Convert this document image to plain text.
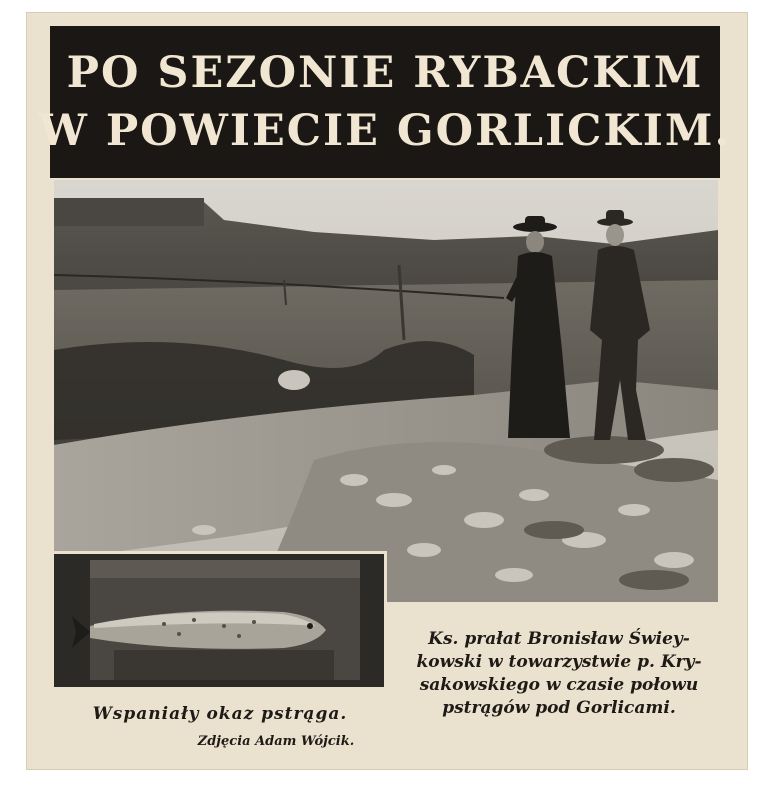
PO SEZONIE RYBACKIM
W POWIECIE GORLICKIM.
Ks. prałat Bronisław Świey-
kowski w towarzystwie p. Kry-
sakowskiego w czasie połowu
pstrągów pod Gorlicami.
Wspaniały okaz pstrąga.
Zdjęcia Adam Wójcik.
